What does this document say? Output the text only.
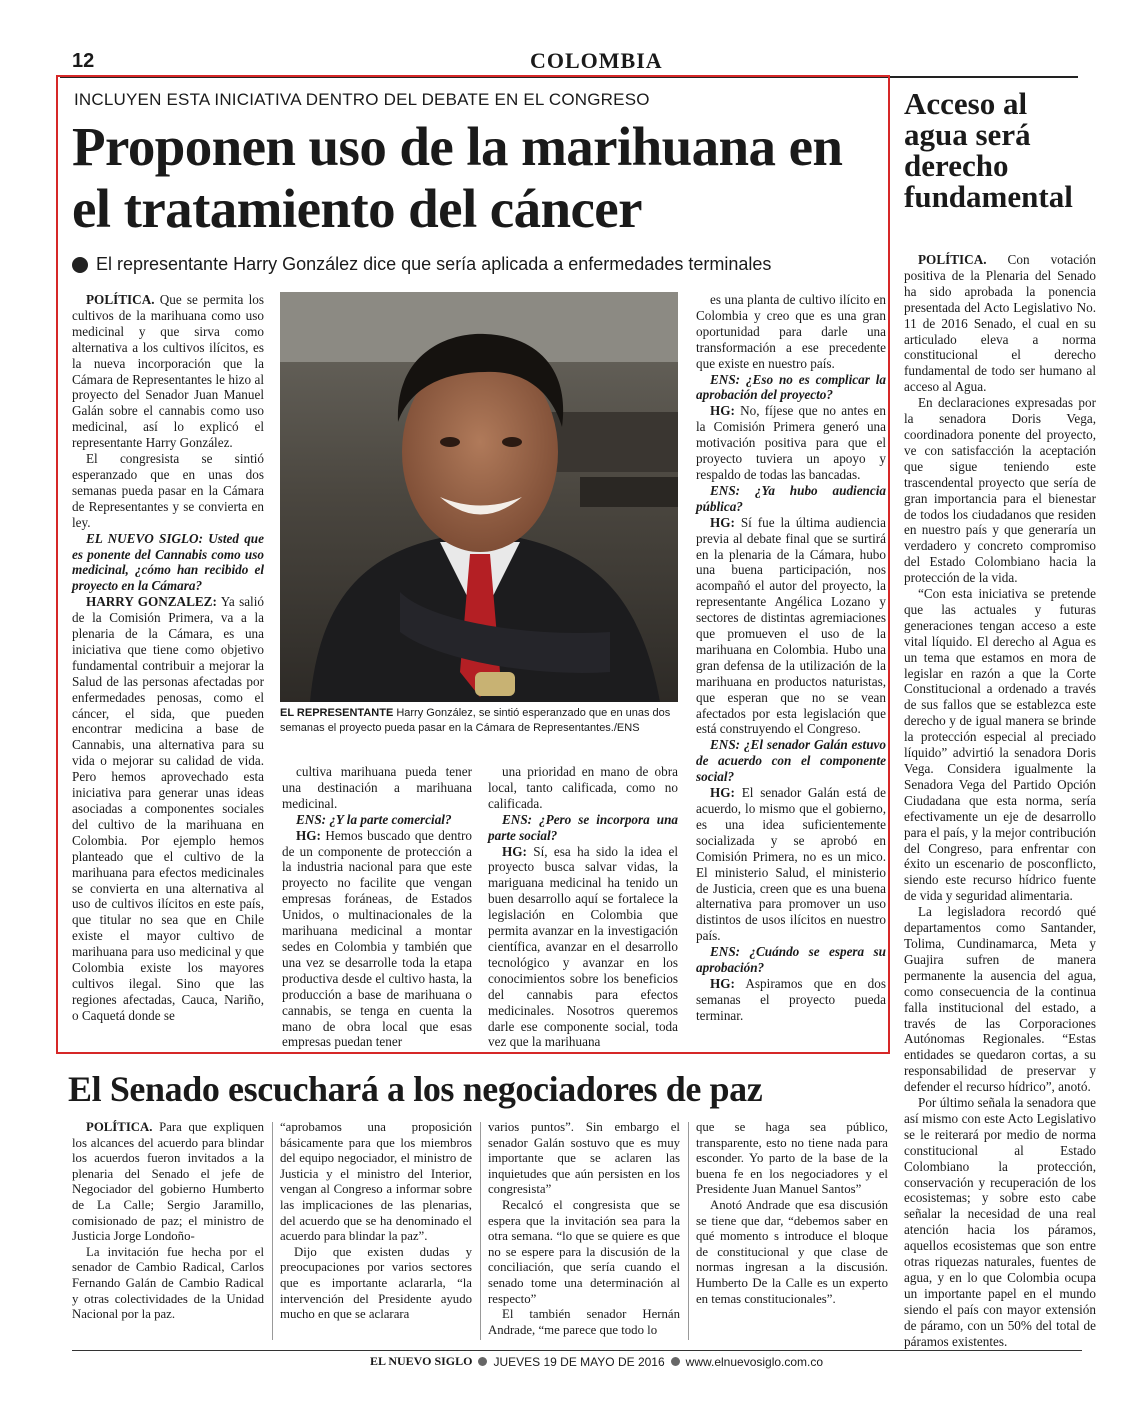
12	COLOMBIA
INCLUYEN ESTA INICIATIVA DENTRO DEL DEBATE EN EL CONGRESO
Proponen uso de la marihuana en el tratamiento del cáncer
El representante Harry González dice que sería aplicada a enfermedades terminales

POLÍTICA. Que se permita los cultivos de la marihuana como uso medicinal y que sirva como alternativa a los cultivos ilícitos, es la nueva incorporación que la Cámara de Representantes le hizo al proyecto del Senador Juan Manuel Galán sobre el cannabis como uso medicinal, así lo explicó el representante Harry González.

El congresista se sintió esperanzado que en unas dos semanas pueda pasar en la Cámara de Representantes y se convierta en ley.

EL NUEVO SIGLO: Usted que es ponente del Cannabis como uso medicinal, ¿cómo han recibido el proyecto en la Cámara?

HARRY GONZALEZ: Ya salió de la Comisión Primera, va a la plenaria de la Cámara, es una iniciativa que tiene como objetivo fundamental contribuir a mejorar la Salud de las personas afectadas por enfermedades penosas, como el cáncer, el sida, que pueden encontrar medicina a base de Cannabis, una alternativa para su vida o mejorar su calidad de vida. Pero hemos aprovechado esta iniciativa para generar unas ideas asociadas a componentes sociales del cultivo de la marihuana en Colombia. Por ejemplo hemos planteado que el cultivo de la marihuana para efectos medicinales se convierta en una alternativa al uso de cultivos ilícitos en este país, que titular no sea que en Chile existe el mayor cultivo de marihuana para uso medicinal y que Colombia existe los mayores cultivos ilegal. Sino que las regiones afectadas, Cauca, Nariño, o Caquetá donde se

EL REPRESENTANTE Harry González, se sintió esperanzado que en unas dos semanas el proyecto pueda pasar en la Cámara de Representantes./ENS

cultiva marihuana pueda tener una destinación a marihuana medicinal.

ENS: ¿Y la parte comercial?

HG: Hemos buscado que dentro de un componente de protección a la industria nacional para que este proyecto no facilite que vengan empresas foráneas, de Estados Unidos, o multinacionales de la marihuana medicinal a montar sedes en Colombia y también que una vez se desarrolle toda la etapa productiva desde el cultivo hasta, la producción a base de marihuana o cannabis, se tenga en cuenta la mano de obra local que esas empresas puedan tener

una prioridad en mano de obra local, tanto calificada, como no calificada.

ENS: ¿Pero se incorpora una parte social?

HG: Sí, esa ha sido la idea el proyecto busca salvar vidas, la mariguana medicinal ha tenido un buen desarrollo aquí se fortalece la legislación en Colombia que permita avanzar en la investigación científica, avanzar en el desarrollo tecnológico y avanzar en los conocimientos sobre los beneficios del cannabis para efectos medicinales. Nosotros queremos darle ese componente social, toda vez que la marihuana

es una planta de cultivo ilícito en Colombia y creo que es una gran oportunidad para darle una transformación a ese precedente que existe en nuestro país.

ENS: ¿Eso no es complicar la aprobación del proyecto?

HG: No, fíjese que no antes en la Comisión Primera generó una motivación positiva para que el proyecto tuviera un apoyo y respaldo de todas las bancadas.

ENS: ¿Ya hubo audiencia pública?

HG: Sí fue la última audiencia previa al debate final que se surtirá en la plenaria de la Cámara, hubo una buena participación, nos acompañó el autor del proyecto, la representante Angélica Lozano y sectores de distintas agremiaciones que promueven el uso de la marihuana en Colombia. Hubo una gran defensa de la utilización de la marihuana en productos naturistas, que esperan que no se vean afectados por esta legislación que está construyendo el Congreso.

ENS: ¿El senador Galán estuvo de acuerdo con el componente social?

HG: El senador Galán está de acuerdo, lo mismo que el gobierno, es una idea suficientemente socializada y se aprobó en Comisión Primera, no es un mico. El ministerio Salud, el ministerio de Justicia, creen que es una buena alternativa para promover un uso distintos de usos ilícitos en nuestro país.

ENS: ¿Cuándo se espera su aprobación?

HG: Aspiramos que en dos semanas el proyecto pueda terminar.

Acceso al
agua será
derecho
fundamental

POLÍTICA. Con votación positiva de la Plenaria del Senado ha sido aprobada la ponencia presentada del Acto Legislativo No. 11 de 2016 Senado, el cual en su articulado eleva a norma constitucional el derecho fundamental de todo ser humano al acceso al Agua.

En declaraciones expresadas por la senadora Doris Vega, coordinadora ponente del proyecto, ve con satisfacción la aceptación que sigue teniendo este trascendental proyecto que sería de gran importancia para el bienestar de todos los ciudadanos que residen en nuestro país y que generaría un verdadero y concreto compromiso del Estado Colombiano hacia la protección de la vida.

“Con esta iniciativa se pretende que las actuales y futuras generaciones tengan acceso a este vital líquido. El derecho al Agua es un tema que estamos en mora de legislar en razón a que la Corte Constitucional a ordenado a través de sus fallos que se establezca este derecho y de igual manera se brinde la protección especial al preciado líquido” advirtió la senadora Doris Vega. Considera igualmente la Senadora Vega del Partido Opción Ciudadana que esta norma, sería efectivamente un eje de desarrollo para el país, y la mejor contribución del Congreso, para enfrentar con éxito un escenario de posconflicto, siendo este recurso hídrico fuente de vida y seguridad alimentaria.

La legisladora recordó qué departamentos como Santander, Tolima, Cundinamarca, Meta y Guajira sufren de manera permanente la ausencia del agua, como consecuencia de la continua falla institucional del estado, a través de las Corporaciones Autónomas Regionales. “Estas entidades se quedaron cortas, a su responsabilidad de preservar y defender el recurso hídrico”, anotó.

Por último señala la senadora que así mismo con este Acto Legislativo se le reiterará por medio de norma constitucional al Estado Colombiano la protección, conservación y recuperación de los ecosistemas; y sobre esto cabe señalar la necesidad de una real atención hacia los páramos, aquellos ecosistemas que son entre otras riquezas naturales, fuentes de agua, y en lo que Colombia ocupa un importante papel en el mundo siendo el país con mayor extensión de páramo, con un 50% del total de páramos existentes.

El Senado escuchará a los negociadores de paz

POLÍTICA. Para que expliquen los alcances del acuerdo para blindar los acuerdos fueron invitados a la plenaria del Senado el jefe de Negociador del gobierno Humberto de La Calle; Sergio Jaramillo, comisionado de paz; el ministro de Justicia Jorge Londoño-

La invitación fue hecha por el senador de Cambio Radical, Carlos Fernando Galán de Cambio Radical y otras colectividades de la Unidad Nacional por la paz.

“aprobamos una proposición básicamente para que los miembros del equipo negociador, el ministro de Justicia y el ministro del Interior, vengan al Congreso a informar sobre las implicaciones de las plenarias, del acuerdo que se ha denominado el acuerdo para blindar la paz”.

Dijo que existen dudas y preocupaciones por varios sectores que es importante aclararla, “la intervención del Presidente ayudo mucho en que se aclarara

varios puntos”. Sin embargo el senador Galán sostuvo que es muy importante que se aclaren las inquietudes que aún persisten en los congresista”

Recalcó el congresista que se espera que la invitación sea para la otra semana. “lo que se quiere es que no se espere para la discusión de la conciliación, que sería cuando el senado tome una determinación al respecto”

El también senador Hernán Andrade, “me parece que todo lo

que se haga sea público, transparente, esto no tiene nada para esconder. Yo parto de la base de la buena fe en los negociadores y el Presidente Juan Manuel Santos”

Anotó Andrade que esa discusión se tiene que dar, “debemos saber en qué momento s introduce el bloque de constitucional y que clase de normas ingresan a la discusión. Humberto De la Calle es un experto en temas constitucionales”.

EL NUEVO SIGLO JUEVES 19 DE MAYO DE 2016 www.elnuevosiglo.com.co
